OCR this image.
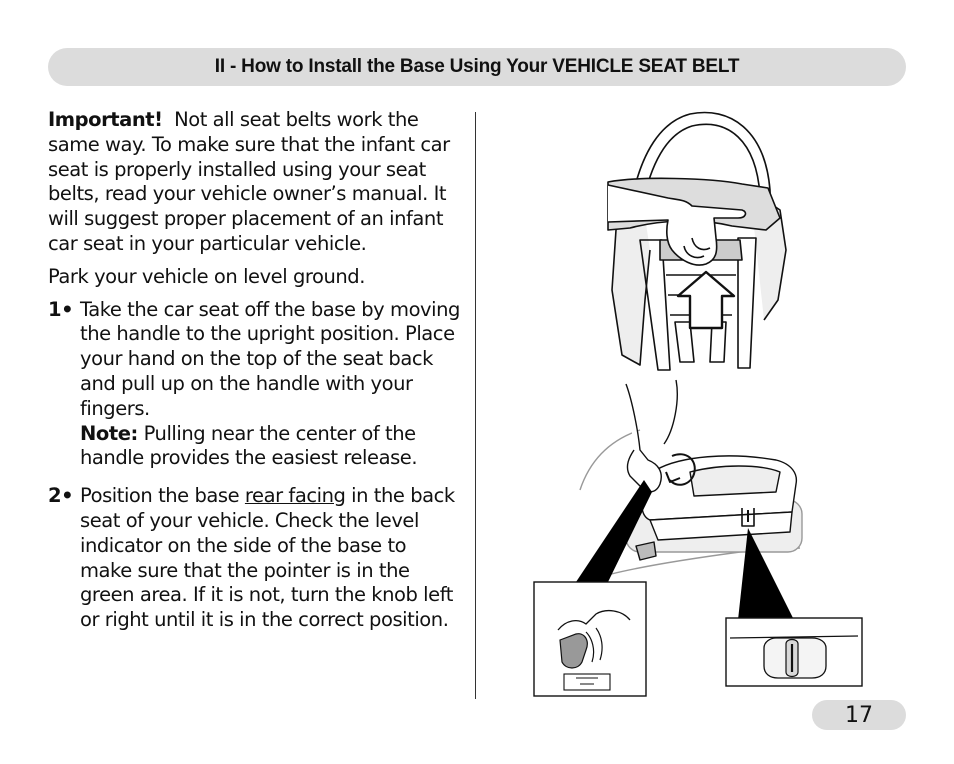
II - How to Install the Base Using Your VEHICLE SEAT BELT

Important! Not all seat belts work the same way. To make sure that the infant car seat is properly installed using your seat belts, read your vehicle owner’s manual. It will suggest proper placement of an infant car seat in your particular vehicle.

Park your vehicle on level ground.

1• Take the car seat off the base by moving the handle to the upright position. Place your hand on the top of the seat back and pull up on the handle with your fingers.

Note: Pulling near the center of the handle provides the easiest release.

2• Position the base rear facing in the back seat of your vehicle. Check the level indicator on the side of the base to make sure that the pointer is in the green area. If it is not, turn the knob left or right until it is in the correct position.

17
